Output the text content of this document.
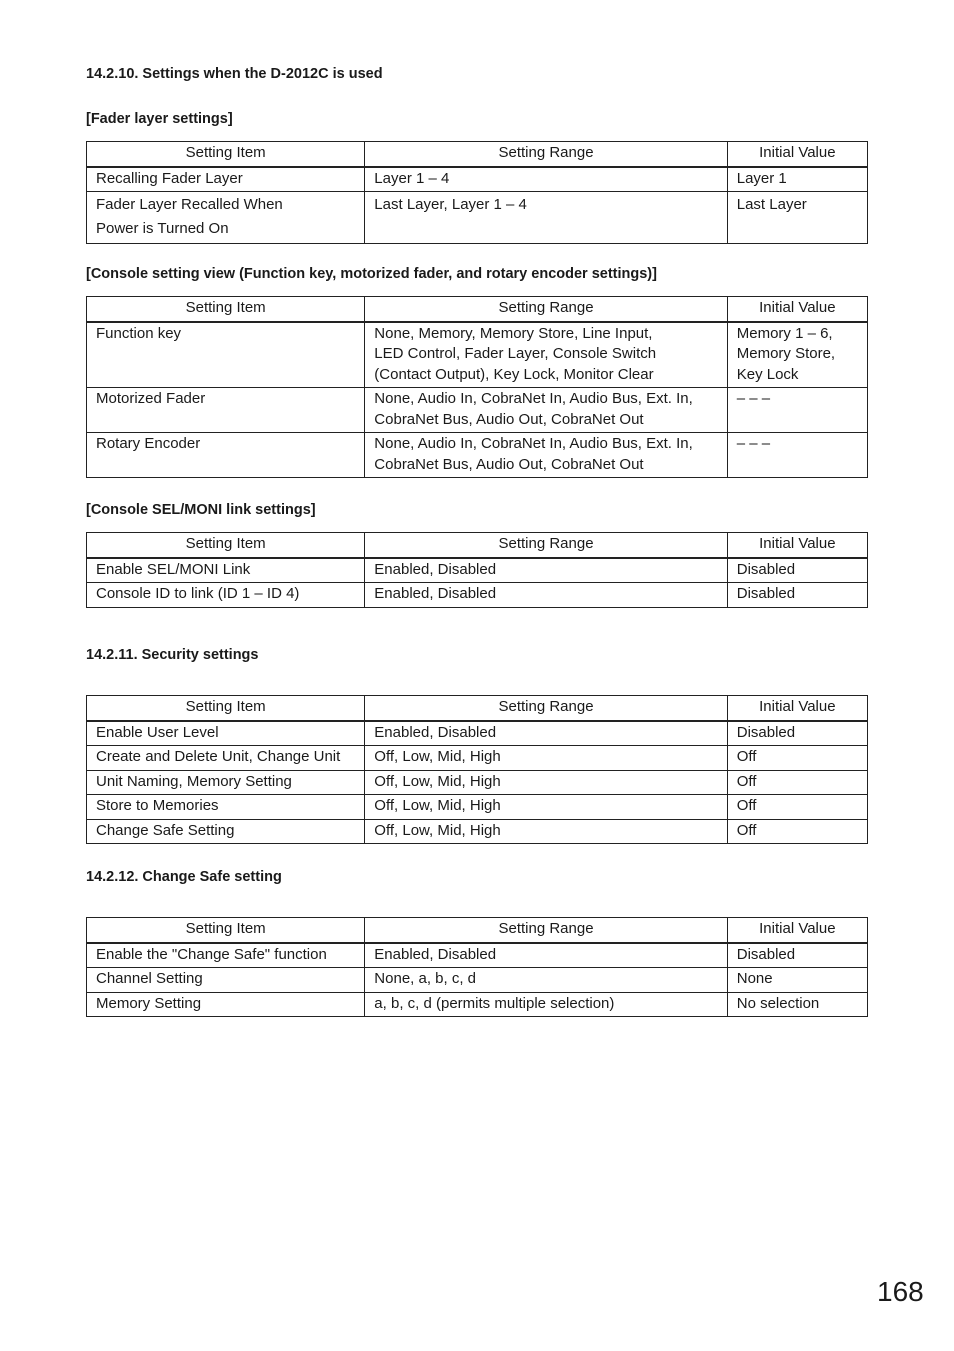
14.2.10. Settings when the D-2012C is used
[Fader layer settings]
Setting Item	Setting Range	Initial Value
Recalling Fader Layer	Layer 1 – 4	Layer 1

Fader Layer Recalled When
Power is Turned On	Last Layer, Layer 1 – 4	Last Layer
[Console setting view (Function key, motorized fader, and rotary encoder settings)]
Setting Item	Setting Range	Initial Value
Function key	None, Memory, Memory Store, Line Input,
LED Control, Fader Layer, Console Switch
(Contact Output), Key Lock, Monitor Clear	Memory 1 – 6,
Memory Store,
Key Lock

Motorized Fader	None, Audio In, CobraNet In, Audio Bus, Ext. In,
CobraNet Bus, Audio Out, CobraNet Out	– – –
Rotary Encoder	None, Audio In, CobraNet In, Audio Bus, Ext. In,
CobraNet Bus, Audio Out, CobraNet Out	– – –
[Console SEL/MONI link settings]
Setting Item	Setting Range	Initial Value
Enable SEL/MONI Link	Enabled, Disabled	Disabled
Console ID to link (ID 1 – ID 4)	Enabled, Disabled	Disabled
14.2.11. Security settings
Setting Item	Setting Range	Initial Value
Enable User Level	Enabled, Disabled	Disabled
Create and Delete Unit, Change Unit	Off, Low, Mid, High	Off
Unit Naming, Memory Setting	Off, Low, Mid, High	Off
Store to Memories	Off, Low, Mid, High	Off
Change Safe Setting	Off, Low, Mid, High	Off
14.2.12. Change Safe setting
Setting Item	Setting Range	Initial Value
Enable the "Change Safe" function	Enabled, Disabled	Disabled
Channel Setting	None, a, b, c, d	None
Memory Setting	a, b, c, d (permits multiple selection)	No selection
168
